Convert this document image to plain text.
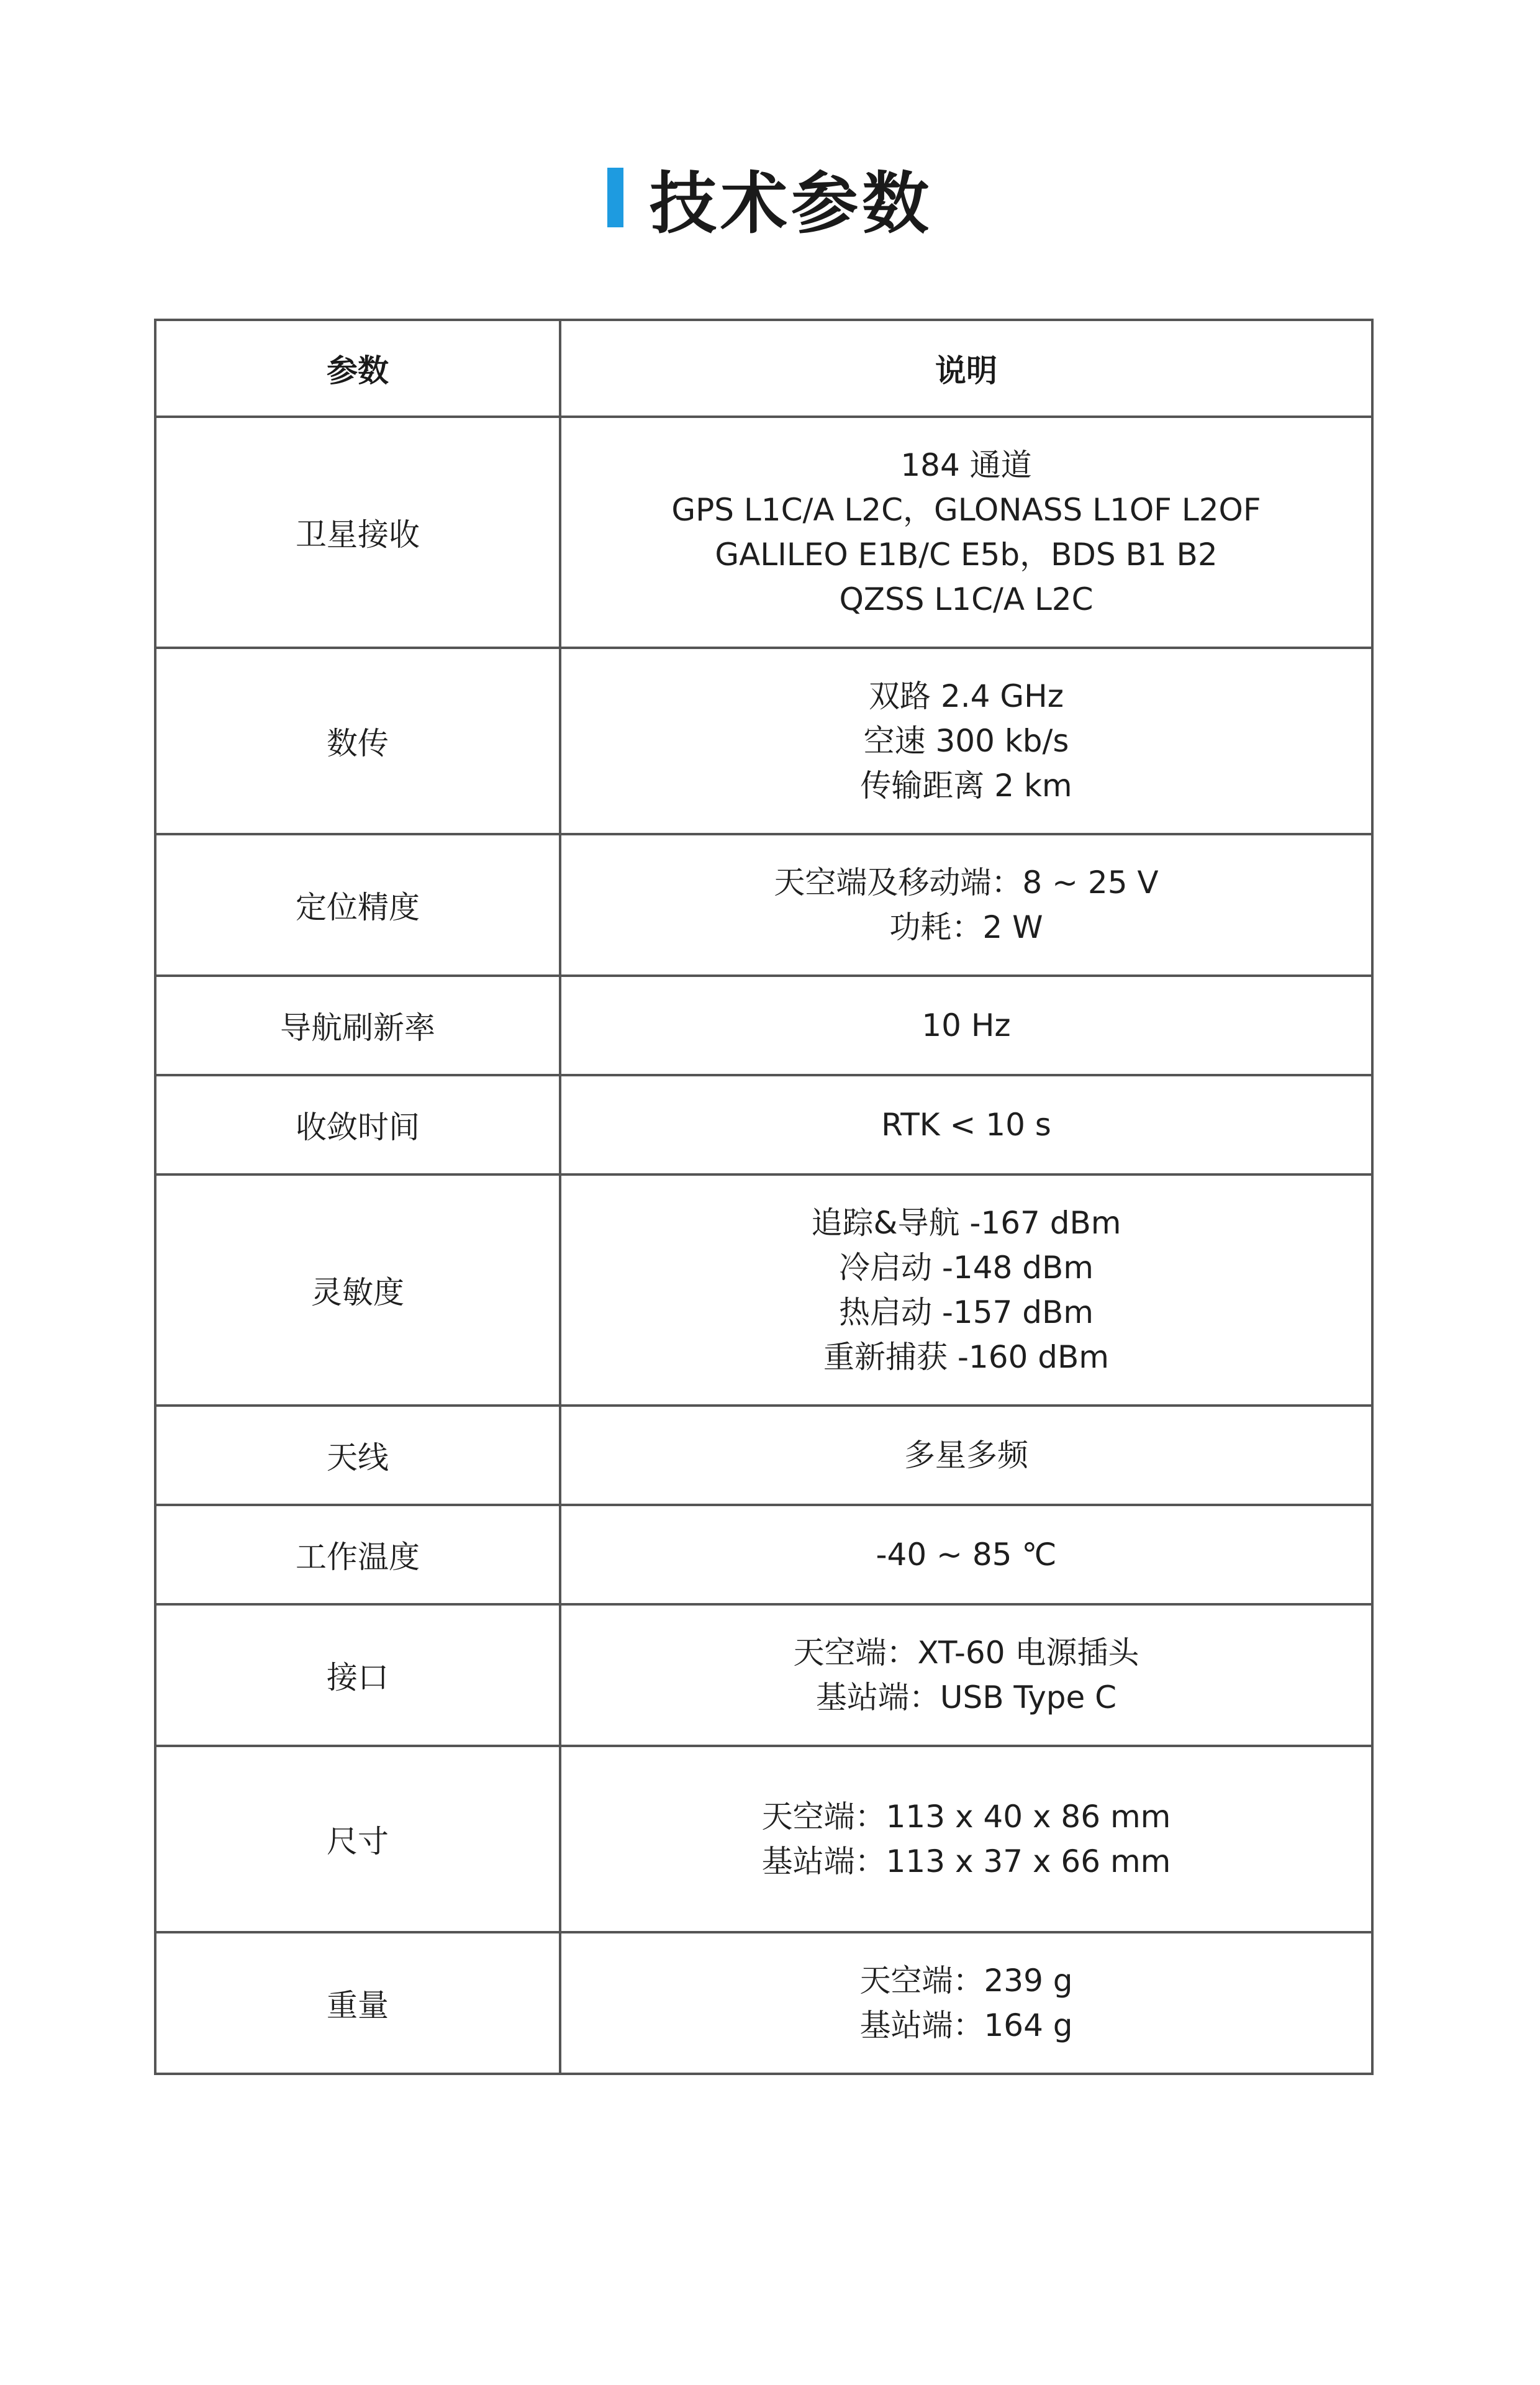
技术参数
参数	说明
卫星接收	184 通道
GPS L1C/A L2C，GLONASS L1OF L2OF
GALILEO E1B/C E5b，BDS B1 B2
QZSS L1C/A L2C

数传	双路 2.4 GHz
空速 300 kb/s
传输距离 2 km

定位精度	天空端及移动端：8 ~ 25 V
功耗：2 W

导航刷新率	10 Hz

收敛时间	RTK < 10 s

灵敏度	追踪&导航 -167 dBm
冷启动 -148 dBm
热启动 -157 dBm
重新捕获 -160 dBm

天线	多星多频

工作温度	-40 ~ 85 ℃

接口	天空端：XT-60 电源插头
基站端：USB Type C

尺寸	天空端：113 x 40 x 86 mm
基站端：113 x 37 x 66 mm

重量	天空端：239 g
基站端：164 g
